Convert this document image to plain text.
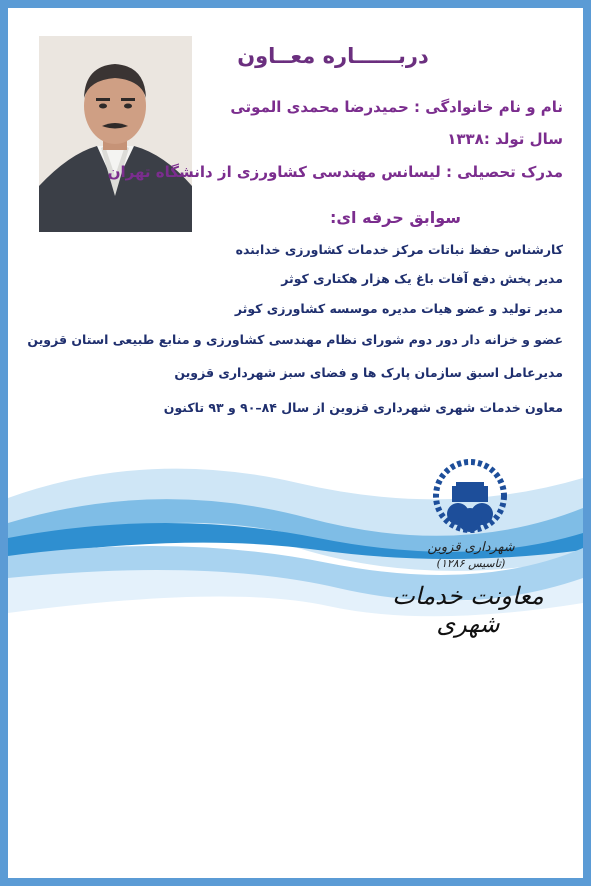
دربــــــاره معــاون
نام و نام خانوادگی : حمیدرضا محمدی الموتی
سال تولد :۱۳۳۸
مدرک تحصیلی : لیسانس مهندسی کشاورزی از دانشگاه تهران
سوابق حرفه ای:
کارشناس حفظ نباتات مرکز خدمات کشاورزی خدابنده
مدیر پخش دفع آفات باغ یک هزار هکتاری کوثر
مدیر تولید و عضو هیات مدیره موسسه کشاورزی کوثر
عضو و خزانه دار دور دوم شورای نظام مهندسی کشاورزی و منابع طبیعی استان قزوین
مدیرعامل اسبق سازمان پارک ها و فضای سبز شهرداری قزوین
معاون خدمات شهری شهرداری قزوین از سال ۸۴–۹۰ و ۹۳ تاکنون
شهرداری قزوین
(تاسیس ۱۲۸۶)
معاونت خدمات شهری
